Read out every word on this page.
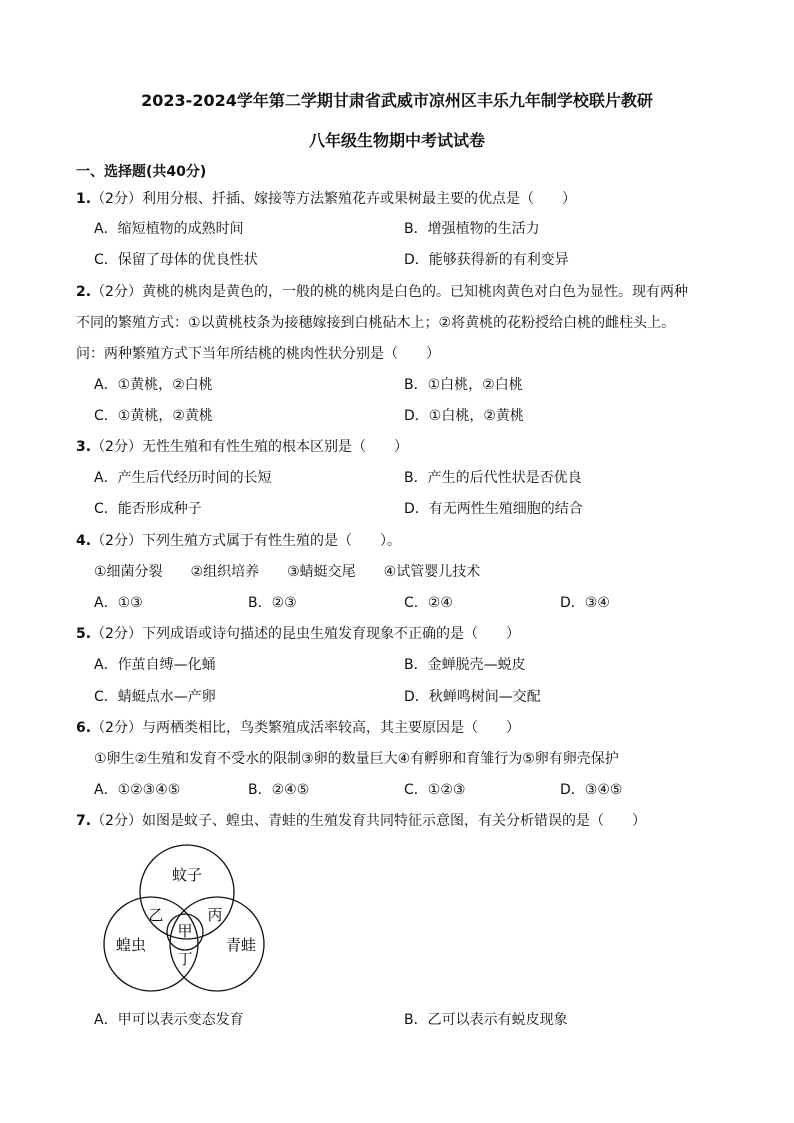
2023-2024学年第二学期甘肃省武威市凉州区丰乐九年制学校联片教研
八年级生物期中考试试卷
一、选择题(共40分)
1.（2分）利用分根、扦插、嫁接等方法繁殖花卉或果树最主要的优点是（　　）
A．缩短植物的成熟时间	B．增强植物的生活力
C．保留了母体的优良性状	D．能够获得新的有利变异
2.（2分）黄桃的桃肉是黄色的，一般的桃的桃肉是白色的。已知桃肉黄色对白色为显性。现有两种
不同的繁殖方式：①以黄桃枝条为接穗嫁接到白桃砧木上；②将黄桃的花粉授给白桃的雌柱头上。
问：两种繁殖方式下当年所结桃的桃肉性状分别是（　　）
A．①黄桃，②白桃	B．①白桃，②白桃
C．①黄桃，②黄桃	D．①白桃，②黄桃
3.（2分）无性生殖和有性生殖的根本区别是（　　）
A．产生后代经历时间的长短	B．产生的后代性状是否优良
C．能否形成种子	D．有无两性生殖细胞的结合
4.（2分）下列生殖方式属于有性生殖的是（　　）。
①细菌分裂　　②组织培养　　③蜻蜓交尾　　④试管婴儿技术
A．①③	B．②③	C．②④	D．③④
5.（2分）下列成语或诗句描述的昆虫生殖发育现象不正确的是（　　）
A．作茧自缚—化蛹	B．金蝉脱壳—蜕皮
C．蜻蜓点水—产卵	D．秋蝉鸣树间—交配
6.（2分）与两栖类相比，鸟类繁殖成活率较高，其主要原因是（　　）
①卵生②生殖和发育不受水的限制③卵的数量巨大④有孵卵和育雏行为⑤卵有卵壳保护
A．①②③④⑤	B．②④⑤	C．①②③	D．③④⑤
7.（2分）如图是蚊子、蝗虫、青蛙的生殖发育共同特征示意图，有关分析错误的是（　　）
蚊子
蝗虫	青蛙
甲
乙	丙
丁
A．甲可以表示变态发育	B．乙可以表示有蜕皮现象
